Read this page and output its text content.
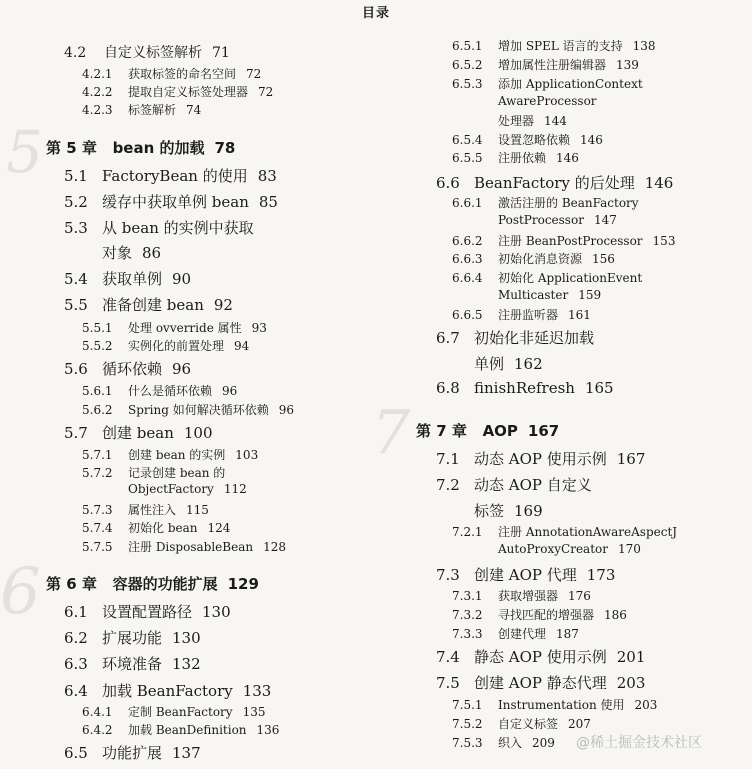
目录
5
6
7
4.2 自定义标签解析 71
4.2.1 获取标签的命名空间 72
4.2.2 提取自定义标签处理器 72
4.2.3 标签解析 74
第 5 章 bean 的加载 78
5.1 FactoryBean 的使用 83
5.2 缓存中获取单例 bean 85
5.3 从 bean 的实例中获取
对象 86
5.4 获取单例 90
5.5 准备创建 bean 92
5.5.1 处理 ovverride 属性 93
5.5.2 实例化的前置处理 94
5.6 循环依赖 96
5.6.1 什么是循环依赖 96
5.6.2 Spring 如何解决循环依赖 96
5.7 创建 bean 100
5.7.1 创建 bean 的实例 103
5.7.2 记录创建 bean 的
ObjectFactory 112
5.7.3 属性注入 115
5.7.4 初始化 bean 124
5.7.5 注册 DisposableBean 128
第 6 章 容器的功能扩展 129
6.1 设置配置路径 130
6.2 扩展功能 130
6.3 环境准备 132
6.4 加载 BeanFactory 133
6.4.1 定制 BeanFactory 135
6.4.2 加载 BeanDefinition 136
6.5 功能扩展 137
6.5.1 增加 SPEL 语言的支持 138
6.5.2 增加属性注册编辑器 139
6.5.3 添加 ApplicationContext
AwareProcessor
处理器 144
6.5.4 设置忽略依赖 146
6.5.5 注册依赖 146
6.6 BeanFactory 的后处理 146
6.6.1 激活注册的 BeanFactory
PostProcessor 147
6.6.2 注册 BeanPostProcessor 153
6.6.3 初始化消息资源 156
6.6.4 初始化 ApplicationEvent
Multicaster 159
6.6.5 注册监听器 161
6.7 初始化非延迟加载
单例 162
6.8 finishRefresh 165
第 7 章 AOP 167
7.1 动态 AOP 使用示例 167
7.2 动态 AOP 自定义
标签 169
7.2.1 注册 AnnotationAwareAspectJ
AutoProxyCreator 170
7.3 创建 AOP 代理 173
7.3.1 获取增强器 176
7.3.2 寻找匹配的增强器 186
7.3.3 创建代理 187
7.4 静态 AOP 使用示例 201
7.5 创建 AOP 静态代理 203
7.5.1 Instrumentation 使用 203
7.5.2 自定义标签 207
7.5.3 织入 209 @稀土掘金技术社区
